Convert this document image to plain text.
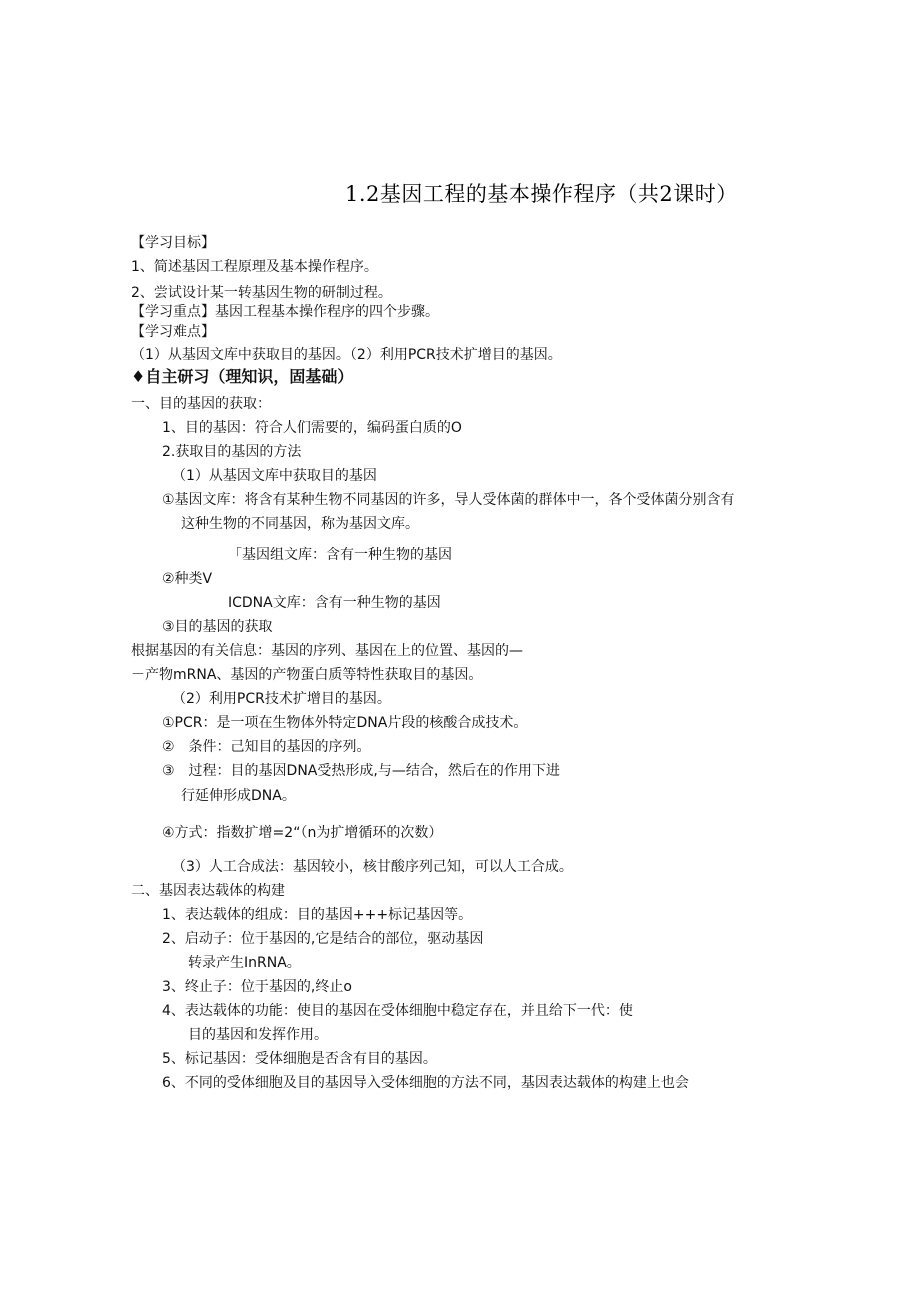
1.2基因工程的基本操作程序（共2课时）
【学习目标】
1、简述基因工程原理及基本操作程序。
2、尝试设计某一转基因生物的研制过程。
【学习重点】基因工程基本操作程序的四个步骤。
【学习难点】
（1）从基因文库中获取目的基因。（2）利用PCR技术扩增目的基因。
♦自主研习（理知识，固基础）
一、目的基因的获取：
1、目的基因：符合人们需要的，编码蛋白质的O
2.获取目的基因的方法
（1）从基因文库中获取目的基因
①基因文库：将含有某种生物不同基因的许多，导人受体菌的群体中一，各个受体菌分别含有
这种生物的不同基因，称为基因文库。
「基因组文库：含有一种生物的基因
②种类V
ICDNA文库：含有一种生物的基因
③目的基因的获取
根据基因的有关信息：基因的序列、基因在上的位置、基因的—
－产物mRNA、基因的产物蛋白质等特性获取目的基因。
（2）利用PCR技术扩增目的基因。
①PCR：是一项在生物体外特定DNA片段的核酸合成技术。
②　条件：己知目的基因的序列。
③　过程：目的基因DNA受热形成,与—结合，然后在的作用下进
行延伸形成DNA。
④方式：指数扩增=2“（n为扩增循环的次数）
（3）人工合成法：基因较小，核甘酸序列己知，可以人工合成。
二、基因表达载体的构建
1、表达载体的组成：目的基因+++标记基因等。
2、启动子：位于基因的,它是结合的部位，驱动基因
转录产生InRNA。
3、终止子：位于基因的,终止o
4、表达载体的功能：使目的基因在受体细胞中稳定存在，并且给下一代：使
目的基因和发挥作用。
5、标记基因：受体细胞是否含有目的基因。
6、不同的受体细胞及目的基因导入受体细胞的方法不同，基因表达载体的构建上也会
